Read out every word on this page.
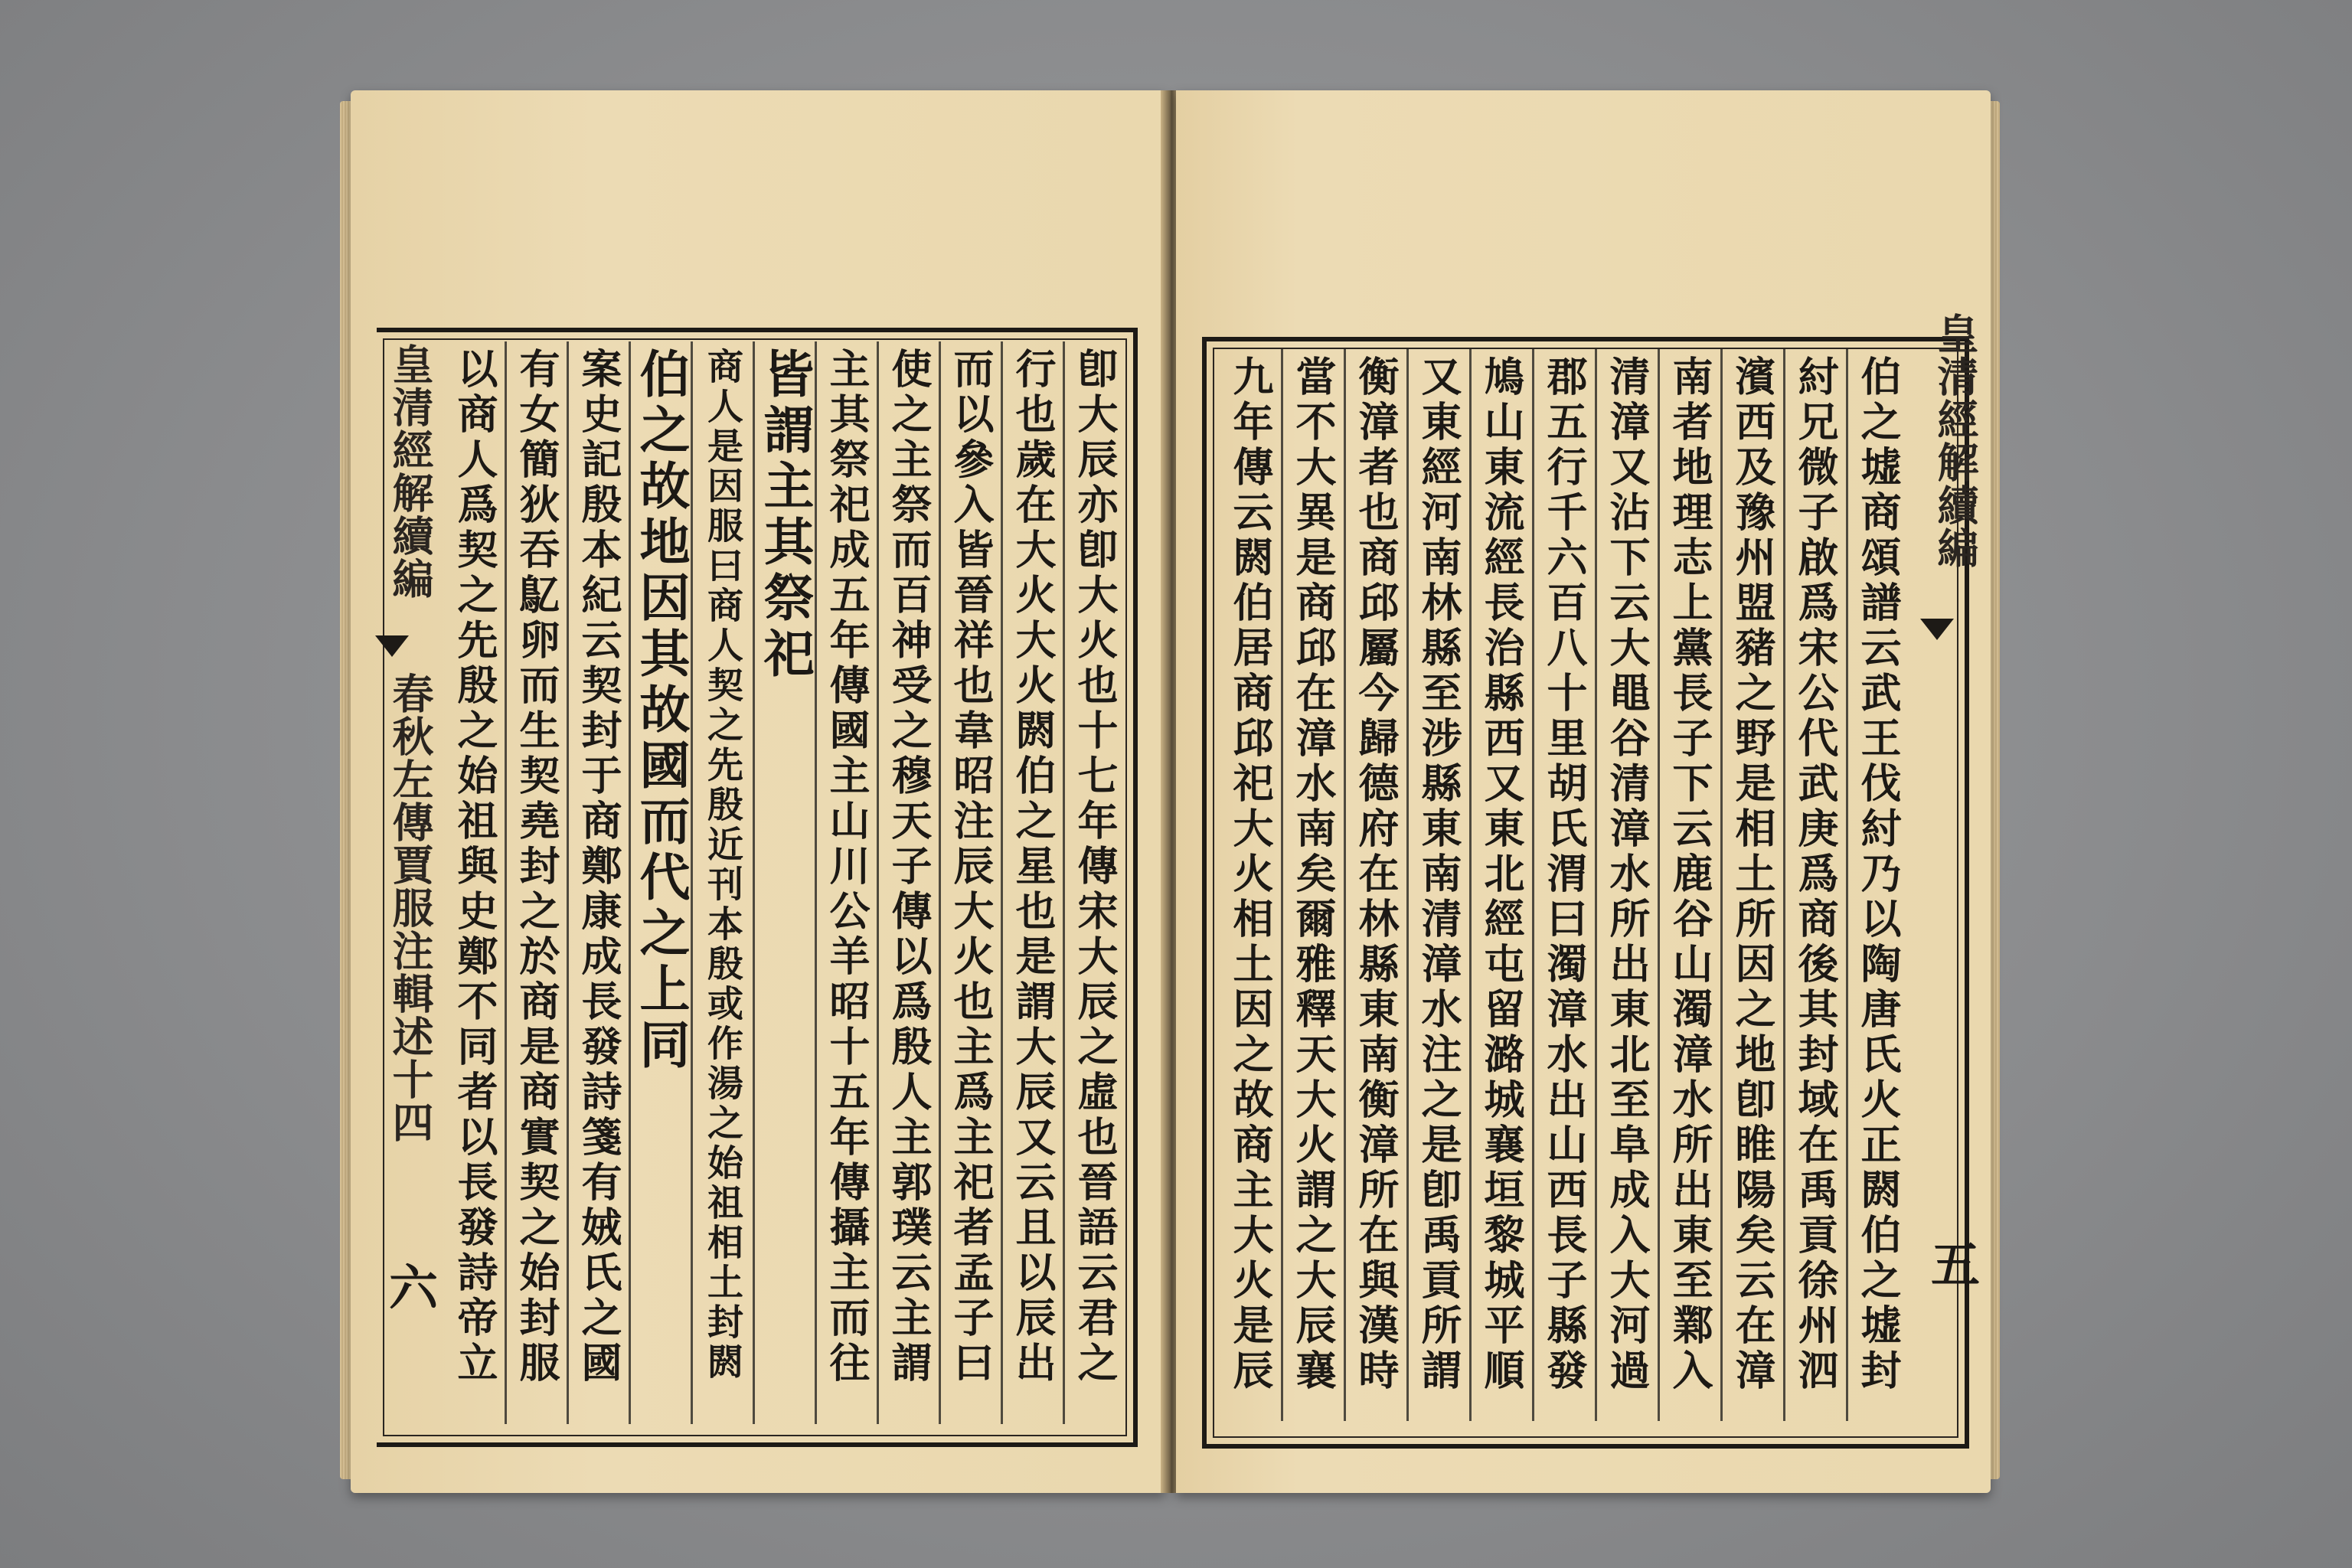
卽大辰亦卽大火也十七年傳宋大辰之虛也晉語云君之
行也歲在大火大火閼伯之星也是謂大辰又云且以辰出
而以參入皆晉祥也韋昭注辰大火也主爲主祀者孟子曰
使之主祭而百神受之穆天子傳以爲殷人主郭璞云主謂
主其祭祀成五年傳國主山川公羊昭十五年傳攝主而往
皆謂主其祭祀
商人是因服曰商人契之先殷近刊本殷或作湯之始祖相土封閼
伯之故地因其故國而代之上同
案史記殷本紀云契封于商鄭康成長發詩箋有娀氏之國
有女簡狄吞鳦卵而生契堯封之於商是商實契之始封服
以商人爲契之先殷之始祖與史鄭不同者以長發詩帝立
皇清經解續編
春秋左傳賈服注輯述十四
六	伯之墟商頌譜云武王伐紂乃以陶唐氏火正閼伯之墟封
紂兄微子啟爲宋公代武庚爲商後其封域在禹貢徐州泗
濱西及豫州盟豬之野是相土所因之地卽睢陽矣云在漳
南者地理志上黨長子下云鹿谷山濁漳水所出東至鄴入
清漳又沾下云大黽谷清漳水所出東北至阜成入大河過
郡五行千六百八十里胡氏渭曰濁漳水出山西長子縣發
鳩山東流經長治縣西又東北經屯留潞城襄垣黎城平順
又東經河南林縣至涉縣東南清漳水注之是卽禹貢所謂
衡漳者也商邱屬今歸德府在林縣東南衡漳所在與漢時
當不大異是商邱在漳水南矣爾雅釋天大火謂之大辰襄
九年傳云閼伯居商邱祀大火相土因之故商主大火是辰	皇清經解續編
五
